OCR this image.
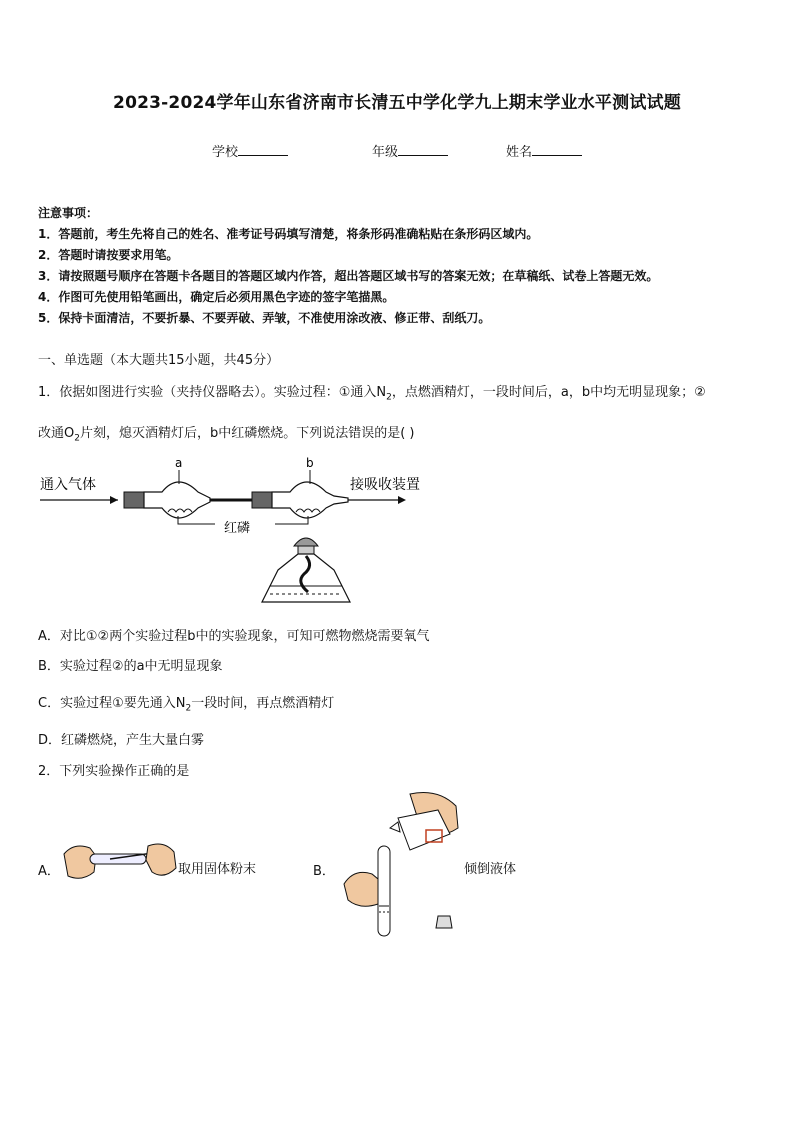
2023-2024学年山东省济南市长清五中学化学九上期末学业水平测试试题
学校	年级	姓名
注意事项：
1．答题前，考生先将自己的姓名、准考证号码填写清楚，将条形码准确粘贴在条形码区域内。
2．答题时请按要求用笔。
3．请按照题号顺序在答题卡各题目的答题区域内作答，超出答题区域书写的答案无效；在草稿纸、试卷上答题无效。
4．作图可先使用铅笔画出，确定后必须用黑色字迹的签字笔描黑。
5．保持卡面清洁，不要折暴、不要弄破、弄皱，不准使用涂改液、修正带、刮纸刀。
一、单选题（本大题共15小题，共45分）
1．依据如图进行实验（夹持仪器略去）。实验过程：①通入$N_2$，点燃酒精灯，一段时间后，a，b中均无明显现象；②
改通$O_2$片刻，熄灭酒精灯后，b中红磷燃烧。下列说法错误的是( )
通入气体
a	b
接吸收装置
红磷
A．对比①②两个实验过程b中的实验现象，可知可燃物燃烧需要氧气
B．实验过程②的a中无明显现象
C．实验过程①要先通入$N_2$一段时间，再点燃酒精灯
D．红磷燃烧，产生大量白雾
2．下列实验操作正确的是
A．	取用固体粉末	B．	倾倒液体
